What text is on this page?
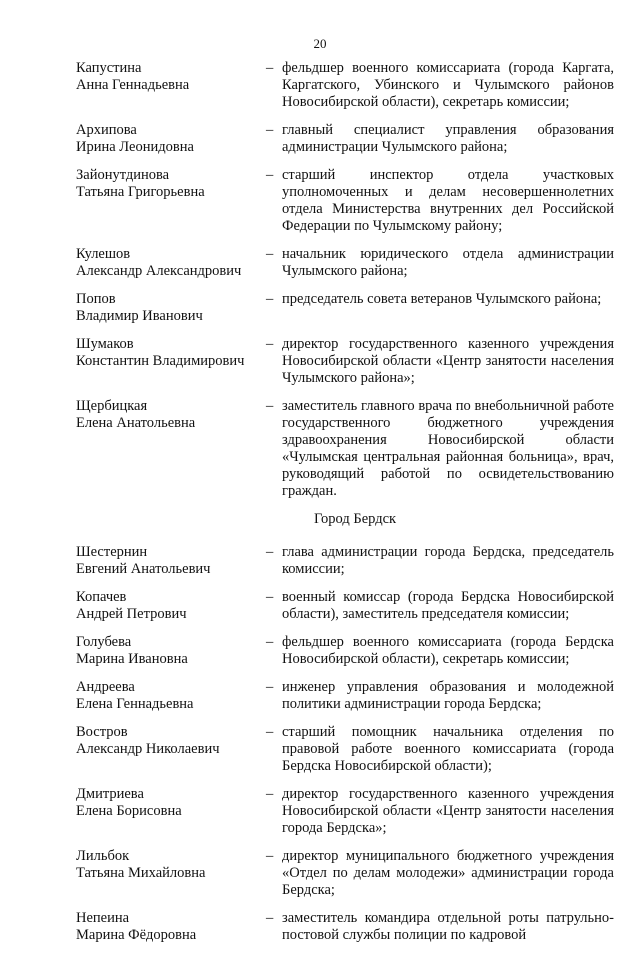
20
Капустина
Анна Геннадьевна
– фельдшер военного комиссариата (города Каргата, Каргатского, Убинского и Чулымского районов Новосибирской области), секретарь комиссии;
Архипова
Ирина Леонидовна
– главный специалист управления образования администрации Чулымского района;
Зайонутдинова
Татьяна Григорьевна
– старший инспектор отдела участковых уполномоченных и делам несовершеннолетних отдела Министерства внутренних дел Российской Федерации по Чулымскому району;
Кулешов
Александр Александрович
– начальник юридического отдела администрации Чулымского района;
Попов
Владимир Иванович
– председатель совета ветеранов Чулымского района;
Шумаков
Константин Владимирович
– директор государственного казенного учреждения Новосибирской области «Центр занятости населения Чулымского района»;
Щербицкая
Елена Анатольевна
– заместитель главного врача по внебольничной работе государственного бюджетного учреждения здравоохранения Новосибирской области «Чулымская центральная районная больница», врач, руководящий работой по освидетельствованию граждан.
Город Бердск
Шестернин
Евгений Анатольевич
– глава администрации города Бердска, председатель комиссии;
Копачев
Андрей Петрович
– военный комиссар (города Бердска Новосибирской области), заместитель председателя комиссии;
Голубева
Марина Ивановна
– фельдшер военного комиссариата (города Бердска Новосибирской области), секретарь комиссии;
Андреева
Елена Геннадьевна
– инженер управления образования и молодежной политики администрации города Бердска;
Востров
Александр Николаевич
– старший помощник начальника отделения по правовой работе военного комиссариата (города Бердска Новосибирской области);
Дмитриева
Елена Борисовна
– директор государственного казенного учреждения Новосибирской области «Центр занятости населения города Бердска»;
Лильбок
Татьяна Михайловна
– директор муниципального бюджетного учреждения «Отдел по делам молодежи» администрации города Бердска;
Непеина
Марина Фёдоровна
– заместитель командира отдельной роты патрульно-постовой службы полиции по кадровой
